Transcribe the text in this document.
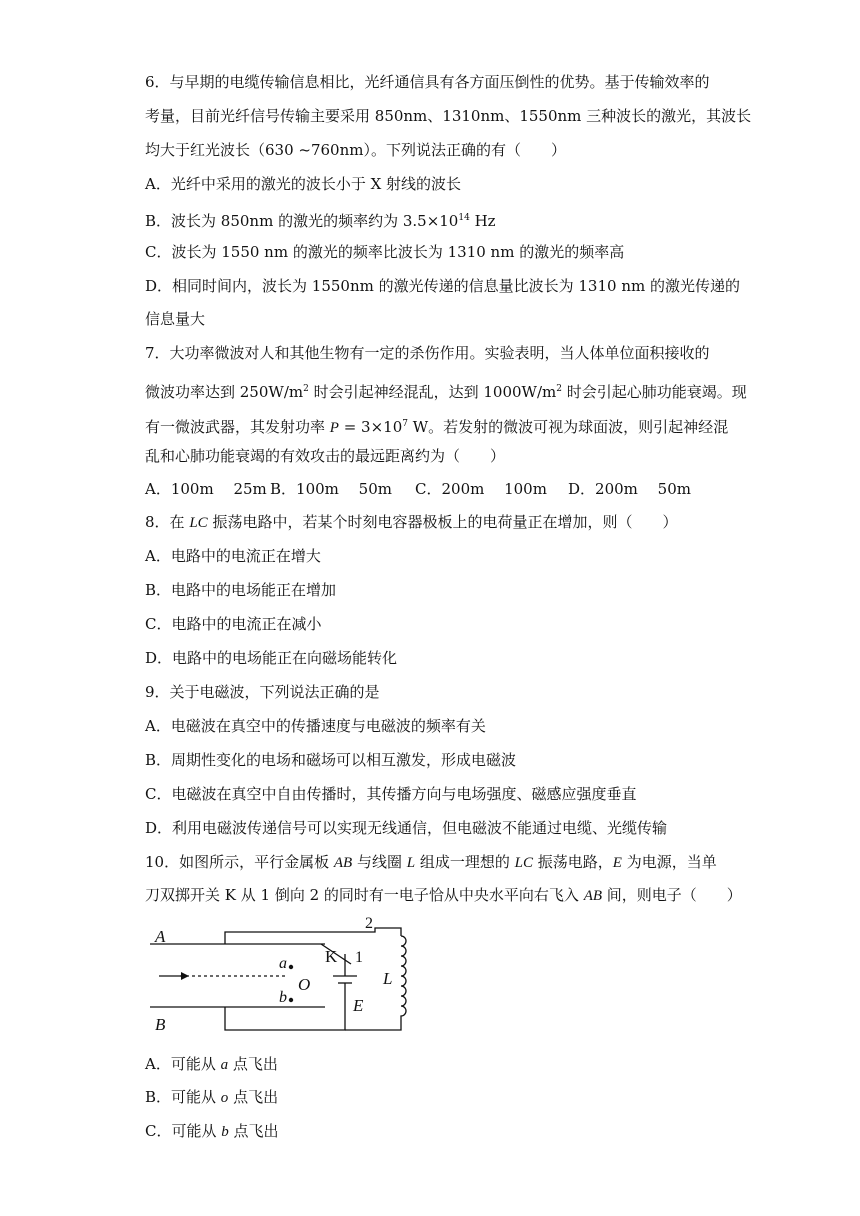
6．与早期的电缆传输信息相比，光纤通信具有各方面压倒性的优势。基于传输效率的
考量，目前光纤信号传输主要采用 850nm、1310nm、1550nm 三种波长的激光，其波长
均大于红光波长（630 ~760nm）。下列说法正确的有（　　）
A．光纤中采用的激光的波长小于 X 射线的波长
B．波长为 850nm 的激光的频率约为 $3.5\times 10^{14}$ Hz
C．波长为 1550 nm 的激光的频率比波长为 1310 nm 的激光的频率高
D．相同时间内，波长为 1550nm 的激光传递的信息量比波长为 1310 nm 的激光传递的
信息量大
7．大功率微波对人和其他生物有一定的杀伤作用。实验表明，当人体单位面积接收的
微波功率达到 $250W/m^2$ 时会引起神经混乱，达到 $1000W/m^2$ 时会引起心肺功能衰竭。现
有一微波武器，其发射功率 $P = 3\times 10^7$ W。若发射的微波可视为球面波，则引起神经混
乱和心肺功能衰竭的有效攻击的最远距离约为（　　）
A．100m　 25m B．100m　 50m C．200m　 100m D．200m　 50m
8．在 LC 振荡电路中，若某个时刻电容器极板上的电荷量正在增加，则（　　）
A．电路中的电流正在增大
B．电路中的电场能正在增加
C．电路中的电流正在减小
D．电路中的电场能正在向磁场能转化
9．关于电磁波，下列说法正确的是
A．电磁波在真空中的传播速度与电磁波的频率有关
B．周期性变化的电场和磁场可以相互激发，形成电磁波
C．电磁波在真空中自由传播时，其传播方向与电场强度、磁感应强度垂直
D．利用电磁波传递信号可以实现无线通信，但电磁波不能通过电缆、光缆传输
10．如图所示，平行金属板 AB 与线圈 L 组成一理想的 LC 振荡电路，E 为电源，当单
刀双掷开关 K 从 1 倒向 2 的同时有一电子恰从中央水平向右飞入 AB 间，则电子（　　）
A
B
a
b
O
K 1
2
L
E
A．可能从 a 点飞出
B．可能从 o 点飞出
C．可能从 b 点飞出
